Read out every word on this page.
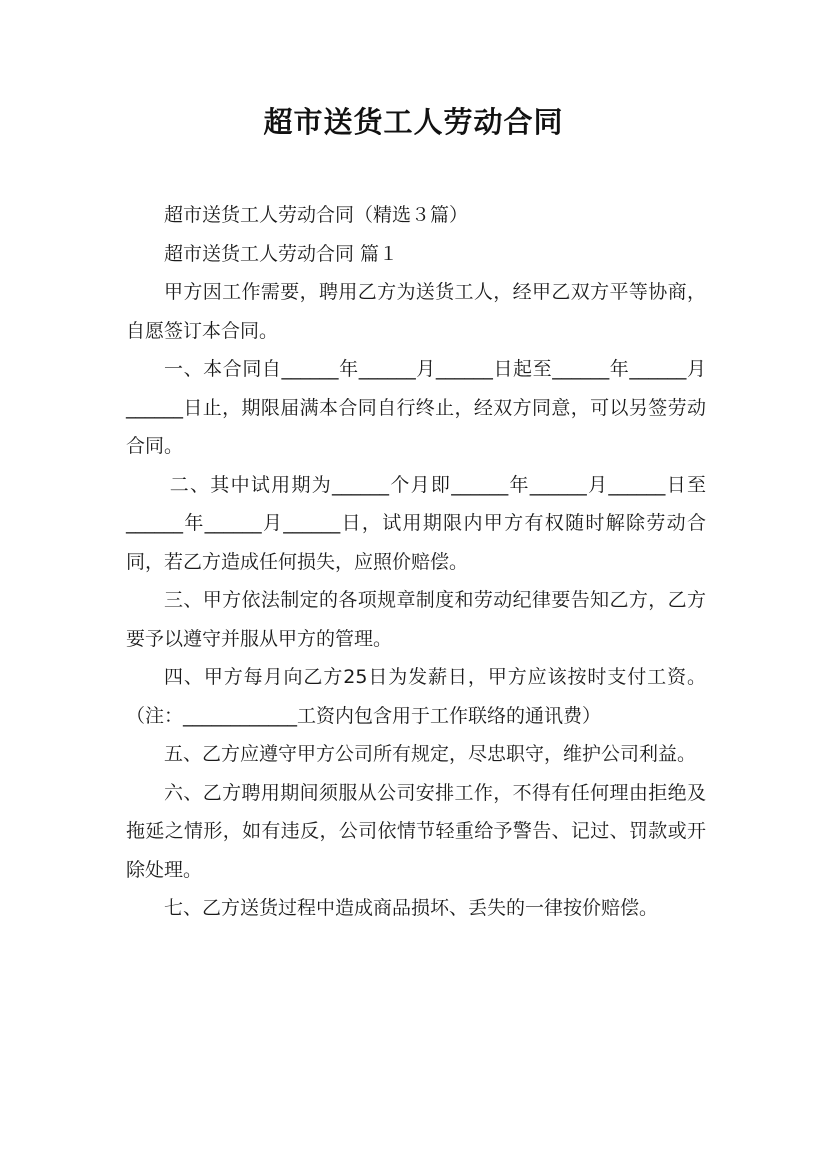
超市送货工人劳动合同

超市送货工人劳动合同（精选３篇）

超市送货工人劳动合同 篇１

甲方因工作需要，聘用乙方为送货工人，经甲乙双方平等协商，自愿签订本合同。

一、本合同自______年______月______日起至______年______月______日止，期限届满本合同自行终止，经双方同意，可以另签劳动合同。

二、其中试用期为______个月即______年______月______日至______年______月______日，试用期限内甲方有权随时解除劳动合同，若乙方造成任何损失，应照价赔偿。

三、甲方依法制定的各项规章制度和劳动纪律要告知乙方，乙方要予以遵守并服从甲方的管理。

四、甲方每月向乙方25日为发薪日，甲方应该按时支付工资。（注：____________工资内包含用于工作联络的通讯费）

五、乙方应遵守甲方公司所有规定，尽忠职守，维护公司利益。

六、乙方聘用期间须服从公司安排工作，不得有任何理由拒绝及拖延之情形，如有违反，公司依情节轻重给予警告、记过、罚款或开除处理。

七、乙方送货过程中造成商品损坏、丢失的一律按价赔偿。
